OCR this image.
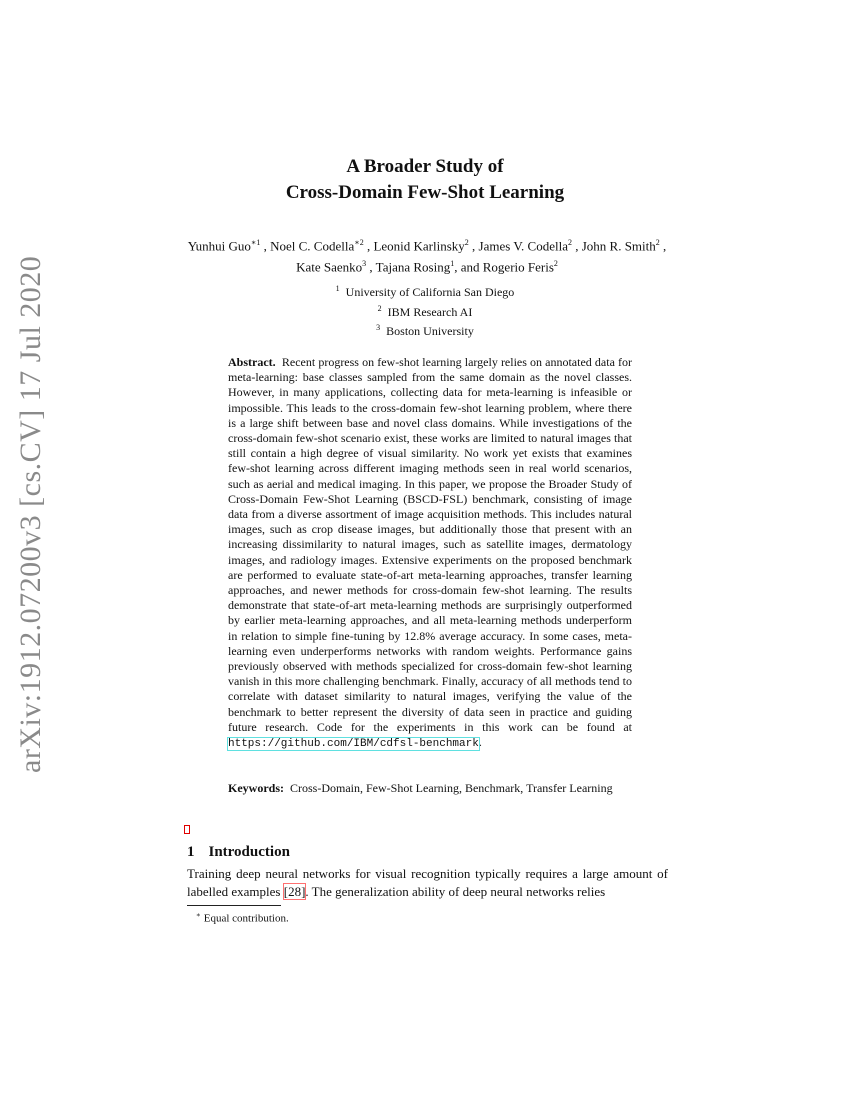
arXiv:1912.07200v3 [cs.CV] 17 Jul 2020
A Broader Study of
Cross-Domain Few-Shot Learning
Yunhui Guo$^{∗1}$ , Noel C. Codella$^{∗2}$ , Leonid Karlinsky$^2$ , James V. Codella$^2$ , John R. Smith$^2$ , Kate Saenko$^3$ , Tajana Rosing$^1$, and Rogerio Feris$^2$
$^1$ University of California San Diego
$^2$ IBM Research AI
$^3$ Boston University
Abstract. Recent progress on few-shot learning largely relies on annotated data for meta-learning: base classes sampled from the same domain as the novel classes. However, in many applications, collecting data for meta-learning is infeasible or impossible. This leads to the cross-domain few-shot learning problem, where there is a large shift between base and novel class domains. While investigations of the cross-domain few-shot scenario exist, these works are limited to natural images that still contain a high degree of visual similarity. No work yet exists that examines few-shot learning across different imaging methods seen in real world scenarios, such as aerial and medical imaging. In this paper, we propose the Broader Study of Cross-Domain Few-Shot Learning (BSCD-FSL) benchmark, consisting of image data from a diverse assortment of image acquisition methods. This includes natural images, such as crop disease images, but additionally those that present with an increasing dissimilarity to natural images, such as satellite images, dermatology images, and radiology images. Extensive experiments on the proposed benchmark are performed to evaluate state-of-art meta-learning approaches, transfer learning approaches, and newer methods for cross-domain few-shot learning. The results demonstrate that state-of-art meta-learning methods are surprisingly outperformed by earlier meta-learning approaches, and all meta-learning methods underperform in relation to simple fine-tuning by 12.8% average accuracy. In some cases, meta-learning even underperforms networks with random weights. Performance gains previously observed with methods specialized for cross-domain few-shot learning vanish in this more challenging benchmark. Finally, accuracy of all methods tend to correlate with dataset similarity to natural images, verifying the value of the benchmark to better represent the diversity of data seen in practice and guiding future research. Code for the experiments in this work can be found at https://github.com/IBM/cdfsl-benchmark.
Keywords: Cross-Domain, Few-Shot Learning, Benchmark, Transfer Learning
1 Introduction
Training deep neural networks for visual recognition typically requires a large amount of labelled examples [28]. The generalization ability of deep neural networks relies
∗ Equal contribution.
